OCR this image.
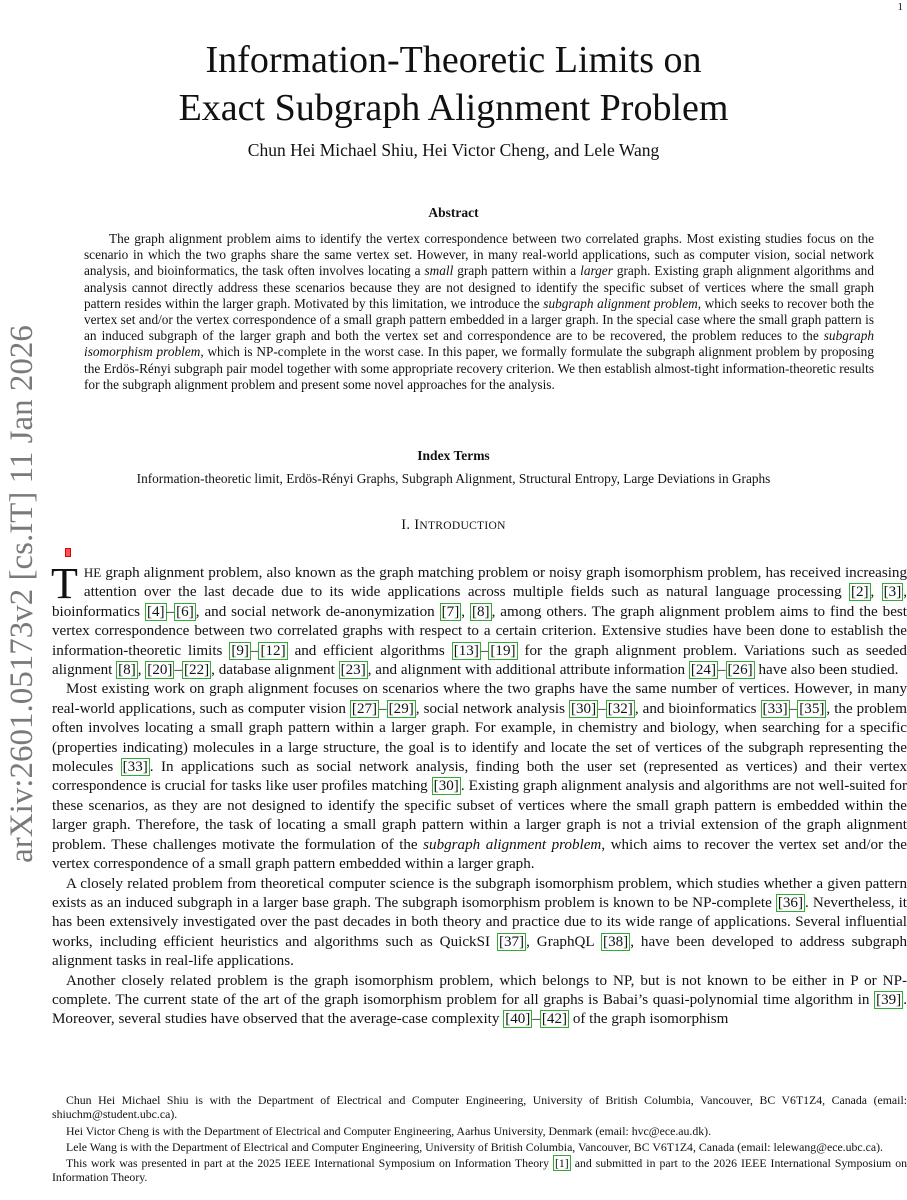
1
arXiv:2601.05173v2 [cs.IT] 11 Jan 2026
Information-Theoretic Limits on
Exact Subgraph Alignment Problem
Chun Hei Michael Shiu, Hei Victor Cheng, and Lele Wang
Abstract

The graph alignment problem aims to identify the vertex correspondence between two correlated graphs. Most existing studies focus on the scenario in which the two graphs share the same vertex set. However, in many real-world applications, such as computer vision, social network analysis, and bioinformatics, the task often involves locating a small graph pattern within a larger graph. Existing graph alignment algorithms and analysis cannot directly address these scenarios because they are not designed to identify the specific subset of vertices where the small graph pattern resides within the larger graph. Motivated by this limitation, we introduce the subgraph alignment problem, which seeks to recover both the vertex set and/or the vertex correspondence of a small graph pattern embedded in a larger graph. In the special case where the small graph pattern is an induced subgraph of the larger graph and both the vertex set and correspondence are to be recovered, the problem reduces to the subgraph isomorphism problem, which is NP-complete in the worst case. In this paper, we formally formulate the subgraph alignment problem by proposing the Erdös-Rényi subgraph pair model together with some appropriate recovery criterion. We then establish almost-tight information-theoretic results for the subgraph alignment problem and present some novel approaches for the analysis.

Index Terms
Information-theoretic limit, Erdös-Rényi Graphs, Subgraph Alignment, Structural Entropy, Large Deviations in Graphs
I. INTRODUCTION

THE graph alignment problem, also known as the graph matching problem or noisy graph isomorphism problem, has received increasing attention over the last decade due to its wide applications across multiple fields such as natural language processing [2] , [3] , bioinformatics [4] – [6] , and social network de-anonymization [7] , [8] , among others. The graph alignment problem aims to find the best vertex correspondence between two correlated graphs with respect to a certain criterion. Extensive studies have been done to establish the information-theoretic limits [9] – [12] and efficient algorithms [13] – [19] for the graph alignment problem. Variations such as seeded alignment [8] , [20] – [22] , database alignment [23] , and alignment with additional attribute information [24] – [26] have also been studied.

Most existing work on graph alignment focuses on scenarios where the two graphs have the same number of vertices. However, in many real-world applications, such as computer vision [27] – [29] , social network analysis [30] – [32] , and bioinformatics [33] – [35] , the problem often involves locating a small graph pattern within a larger graph. For example, in chemistry and biology, when searching for a specific (properties indicating) molecules in a large structure, the goal is to identify and locate the set of vertices of the subgraph representing the molecules [33] . In applications such as social network analysis, finding both the user set (represented as vertices) and their vertex correspondence is crucial for tasks like user profiles matching [30] . Existing graph alignment analysis and algorithms are not well-suited for these scenarios, as they are not designed to identify the specific subset of vertices where the small graph pattern is embedded within the larger graph. Therefore, the task of locating a small graph pattern within a larger graph is not a trivial extension of the graph alignment problem. These challenges motivate the formulation of the subgraph alignment problem, which aims to recover the vertex set and/or the vertex correspondence of a small graph pattern embedded within a larger graph.

A closely related problem from theoretical computer science is the subgraph isomorphism problem, which studies whether a given pattern exists as an induced subgraph in a larger base graph. The subgraph isomorphism problem is known to be NP-complete [36] . Nevertheless, it has been extensively investigated over the past decades in both theory and practice due to its wide range of applications. Several influential works, including efficient heuristics and algorithms such as QuickSI [37] , GraphQL [38] , have been developed to address subgraph alignment tasks in real-life applications.

Another closely related problem is the graph isomorphism problem, which belongs to NP, but is not known to be either in P or NP-complete. The current state of the art of the graph isomorphism problem for all graphs is Babai’s quasi-polynomial time algorithm in [39] . Moreover, several studies have observed that the average-case complexity [40] – [42] of the graph isomorphism

Chun Hei Michael Shiu is with the Department of Electrical and Computer Engineering, University of British Columbia, Vancouver, BC V6T1Z4, Canada (email: shiuchm@student.ubc.ca).

Hei Victor Cheng is with the Department of Electrical and Computer Engineering, Aarhus University, Denmark (email: hvc@ece.au.dk).

Lele Wang is with the Department of Electrical and Computer Engineering, University of British Columbia, Vancouver, BC V6T1Z4, Canada (email: lelewang@ece.ubc.ca).

This work was presented in part at the 2025 IEEE International Symposium on Information Theory [1] and submitted in part to the 2026 IEEE International Symposium on Information Theory.
